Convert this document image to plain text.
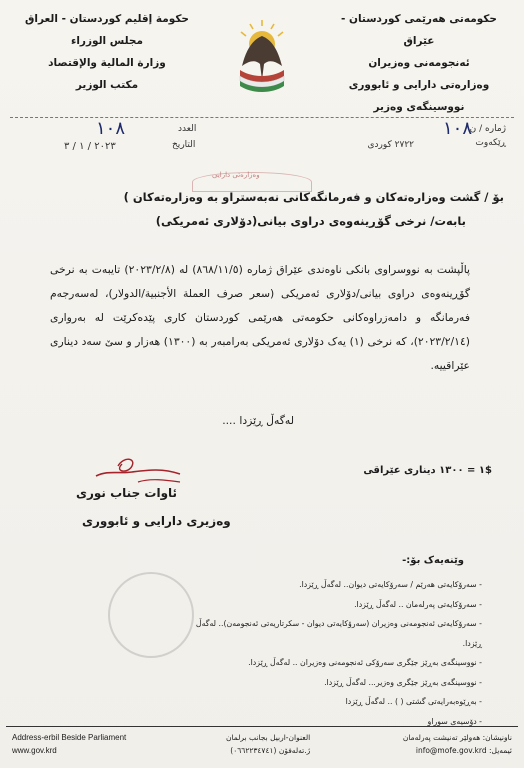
حکومەتی هەرێمی کوردستان - عێراق
ئەنجومەنی وەزیران
وەزارەتی دارایی و ئابووری
نووسینگەی وەزیر
حكومة إقليم كوردستان - العراق
مجلس الوزراء
وزارة المالية والإقتصاد
مكتب الوزير
ژمارە / ن
ڕێکەوت
١٠٨
٢٧٢٢ کوردی
العدد
التاريخ
١٠٨
٢٠٢٣ / ١ / ٣
وەزارەتی دارایی
بۆ / گشت وەزارەتەکان و فەرمانگەکانی نەبەستراو بە وەزارەتەکان )
بابەت/ نرخی گۆڕینەوەی دراوی بیانی(دۆلاری ئەمریکی)
پاڵپشت بە نووسراوی بانکی ناوەندی عێراق ژمارە (٨٦٨/١١/٥) لە (٢٠٢٣/٢/٨) تایبەت بە نرخی گۆڕینەوەی دراوی بیانی/دۆلاری ئەمریکی (سعر صرف العملة الأجنبية/الدولار)، لەسەرجەم فەرمانگە و دامەزراوەکانی حکومەتی هەرێمی کوردستان کاری پێدەکرێت لە بەرواری (٢٠٢٣/٢/١٤)، کە نرخی (١) یەک دۆلاری ئەمریکی بەرامبەر بە (١٣٠٠) هەزار و سێ سەد دیناری عێراقییە.
لەگەڵ ڕێزدا ....
$١ = ١٣٠٠ ديناری عێراقی
ئاوات جناب نوری
وەزیری دارایی و ئابووری
وێنەیەک بۆ:-
- سەرۆکایەتی هەرێم / سەرۆکایەتی دیوان.. لەگەڵ ڕێزدا.
- سەرۆکایەتی پەرلەمان .. لەگەڵ ڕێزدا.
- سەرۆکایەتی ئەنجومەنی وەزیران (سەرۆکایەتی دیوان - سکرتاریەتی ئەنجومەن).. لەگەڵ ڕێزدا.
- نووسینگەی بەڕێز جێگری سەرۆکی ئەنجومەنی وەزیران .. لەگەڵ ڕێزدا.
- نووسینگەی بەڕێز جێگری وەزیر... لەگەڵ ڕێزدا.
- بەڕێوەبەرایەتی گشتی ( ) .. لەگەڵ ڕێزدا
- دۆسیەی سوراو
Address-erbil Beside Parliament
www.gov.krd
العنوان-اربيل بجانب برلمان
ژ.تەلەفۆن (٠٦٦٢٢٣٤٧٤١)
ناونیشان: هەولێر تەنیشت پەرلەمان
ئیمەیل: info@mofe.gov.krd
